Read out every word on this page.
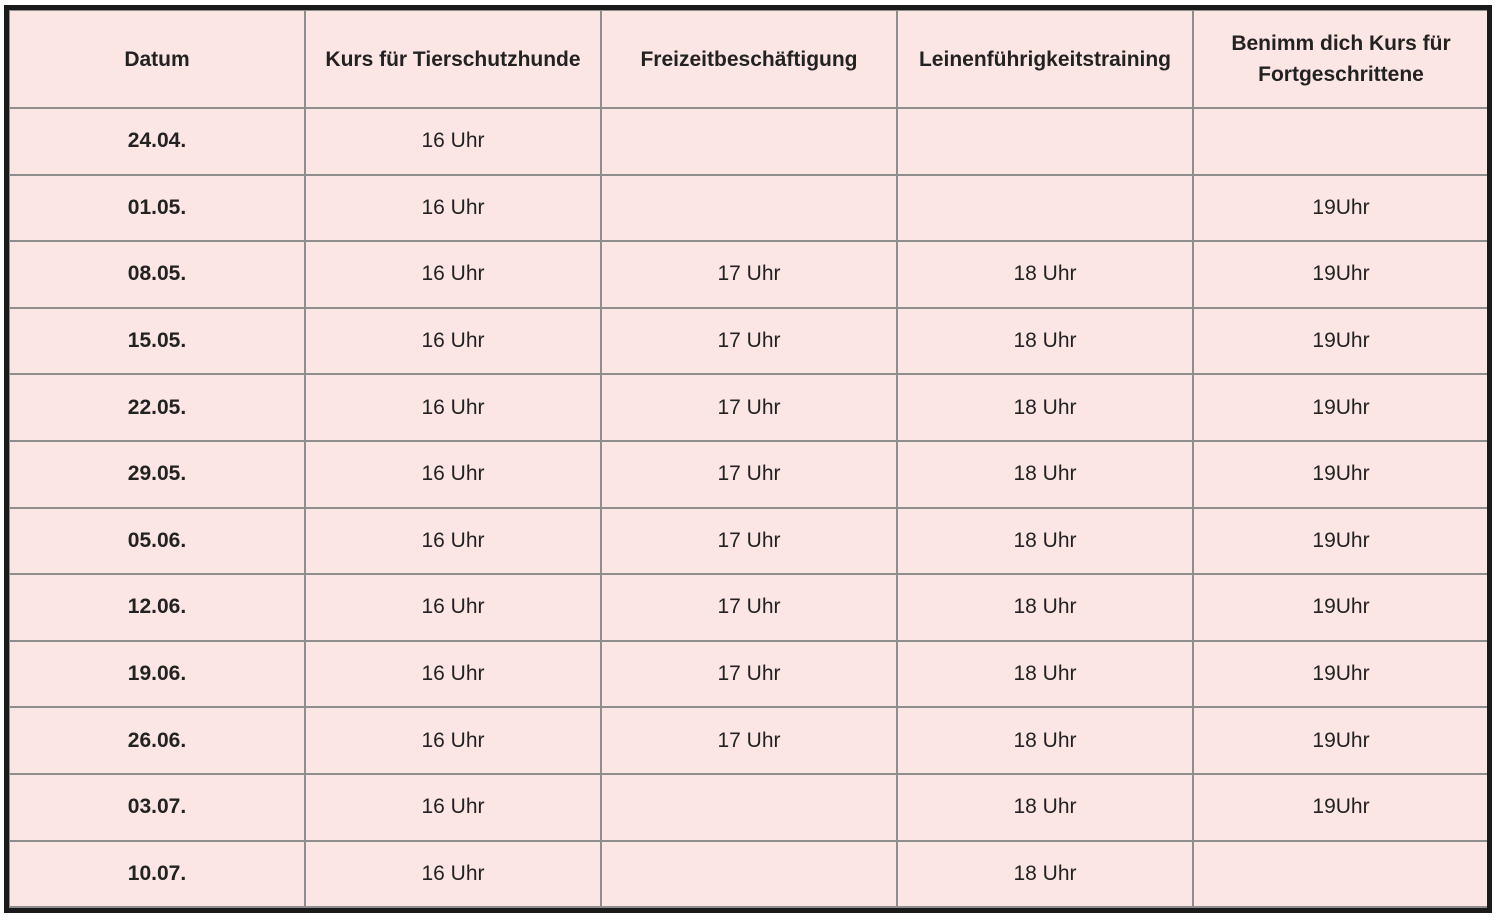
Datum	Kurs für Tierschutzhunde	Freizeitbeschäftigung	Leinenführigkeitstraining	Benimm dich Kurs für Fortgeschrittene
24.04.	16 Uhr			
01.05.	16 Uhr			19Uhr
08.05.	16 Uhr	17 Uhr	18 Uhr	19Uhr
15.05.	16 Uhr	17 Uhr	18 Uhr	19Uhr
22.05.	16 Uhr	17 Uhr	18 Uhr	19Uhr
29.05.	16 Uhr	17 Uhr	18 Uhr	19Uhr
05.06.	16 Uhr	17 Uhr	18 Uhr	19Uhr
12.06.	16 Uhr	17 Uhr	18 Uhr	19Uhr
19.06.	16 Uhr	17 Uhr	18 Uhr	19Uhr
26.06.	16 Uhr	17 Uhr	18 Uhr	19Uhr
03.07.	16 Uhr		18 Uhr	19Uhr
10.07.	16 Uhr		18 Uhr	
